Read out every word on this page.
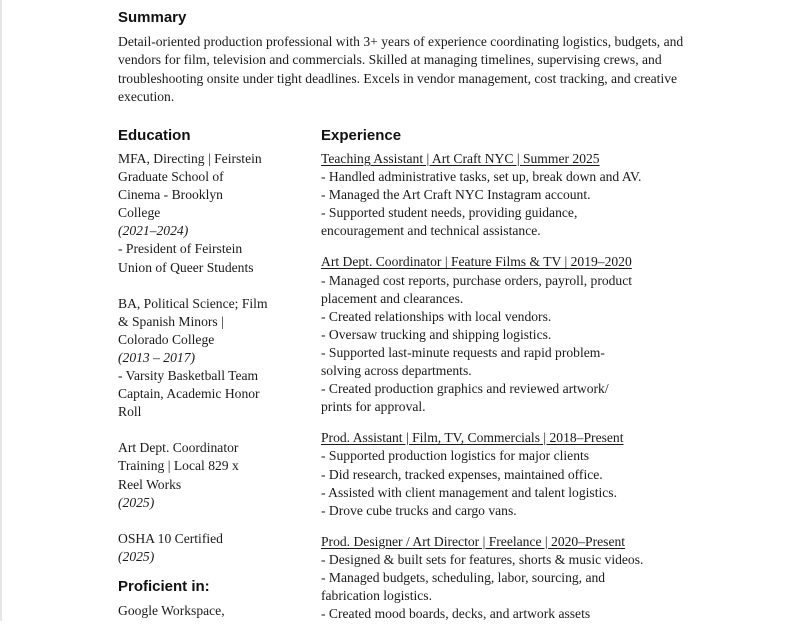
Summary

Detail-oriented production professional with 3+ years of experience coordinating logistics, budgets, and vendors for film, television and commercials. Skilled at managing timelines, supervising crews, and troubleshooting onsite under tight deadlines. Excels in vendor management, cost tracking, and creative execution.

Education	Experience
MFA, Directing | Feirstein
Graduate School of
Cinema - Brooklyn
College
(2021–2024)
- President of Feirstein
Union of Queer Students
BA, Political Science; Film
& Spanish Minors |
Colorado College
(2013 – 2017)
- Varsity Basketball Team
Captain, Academic Honor
Roll
Art Dept. Coordinator
Training | Local 829 x
Reel Works
(2025)
OSHA 10 Certified
(2025)
Proficient in:
Google Workspace,
Teaching Assistant | Art Craft NYC | Summer 2025
- Handled administrative tasks, set up, break down and AV.
- Managed the Art Craft NYC Instagram account.
- Supported student needs, providing guidance,
encouragement and technical assistance.
Art Dept. Coordinator | Feature Films & TV | 2019–2020
- Managed cost reports, purchase orders, payroll, product
placement and clearances.
- Created relationships with local vendors.
- Oversaw trucking and shipping logistics.
- Supported last-minute requests and rapid problem-
solving across departments.
- Created production graphics and reviewed artwork/
prints for approval.
Prod. Assistant | Film, TV, Commercials | 2018–Present
- Supported production logistics for major clients
- Did research, tracked expenses, maintained office.
- Assisted with client management and talent logistics.
- Drove cube trucks and cargo vans.
Prod. Designer / Art Director | Freelance | 2020–Present
- Designed & built sets for features, shorts & music videos.
- Managed budgets, scheduling, labor, sourcing, and
fabrication logistics.
- Created mood boards, decks, and artwork assets
